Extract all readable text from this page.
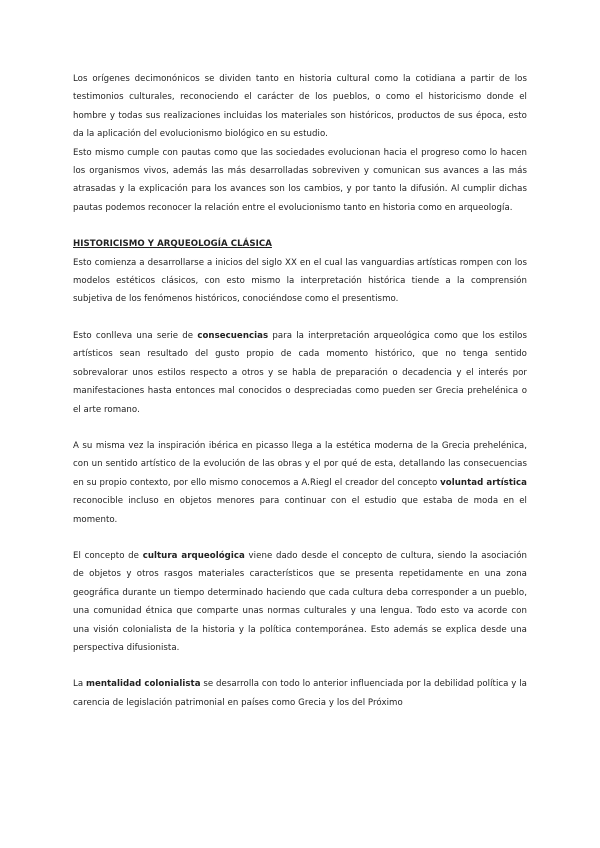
Los orígenes decimonónicos se dividen tanto en historia cultural como la cotidiana a partir de los testimonios culturales, reconociendo el carácter de los pueblos, o como el historicismo donde el hombre y todas sus realizaciones incluidas los materiales son históricos, productos de sus época, esto da la aplicación del evolucionismo biológico en su estudio.

Esto mismo cumple con pautas como que las sociedades evolucionan hacia el progreso como lo hacen los organismos vivos, además las más desarrolladas sobreviven y comunican sus avances a las más atrasadas y la explicación para los avances son los cambios, y por tanto la difusión. Al cumplir dichas pautas podemos reconocer la relación entre el evolucionismo tanto en historia como en arqueología.

HISTORICISMO Y ARQUEOLOGÍA CLÁSICA

Esto comienza a desarrollarse a inicios del siglo XX en el cual las vanguardias artísticas rompen con los modelos estéticos clásicos, con esto mismo la interpretación histórica tiende a la comprensión subjetiva de los fenómenos históricos, conociéndose como el presentismo.

Esto conlleva una serie de consecuencias para la interpretación arqueológica como que los estilos artísticos sean resultado del gusto propio de cada momento histórico, que no tenga sentido sobrevalorar unos estilos respecto a otros y se habla de preparación o decadencia y el interés por manifestaciones hasta entonces mal conocidos o despreciadas como pueden ser Grecia prehelénica o el arte romano.

A su misma vez la inspiración ibérica en picasso llega a la estética moderna de la Grecia prehelénica, con un sentido artístico de la evolución de las obras y el por qué de esta, detallando las consecuencias en su propio contexto, por ello mismo conocemos a A.Riegl el creador del concepto voluntad artística reconocible incluso en objetos menores para continuar con el estudio que estaba de moda en el momento.

El concepto de cultura arqueológica viene dado desde el concepto de cultura, siendo la asociación de objetos y otros rasgos materiales característicos que se presenta repetidamente en una zona geográfica durante un tiempo determinado haciendo que cada cultura deba corresponder a un pueblo, una comunidad étnica que comparte unas normas culturales y una lengua. Todo esto va acorde con una visión colonialista de la historia y la política contemporánea. Esto además se explica desde una perspectiva difusionista.

La mentalidad colonialista se desarrolla con todo lo anterior influenciada por la debilidad política y la carencia de legislación patrimonial en países como Grecia y los del Próximo
